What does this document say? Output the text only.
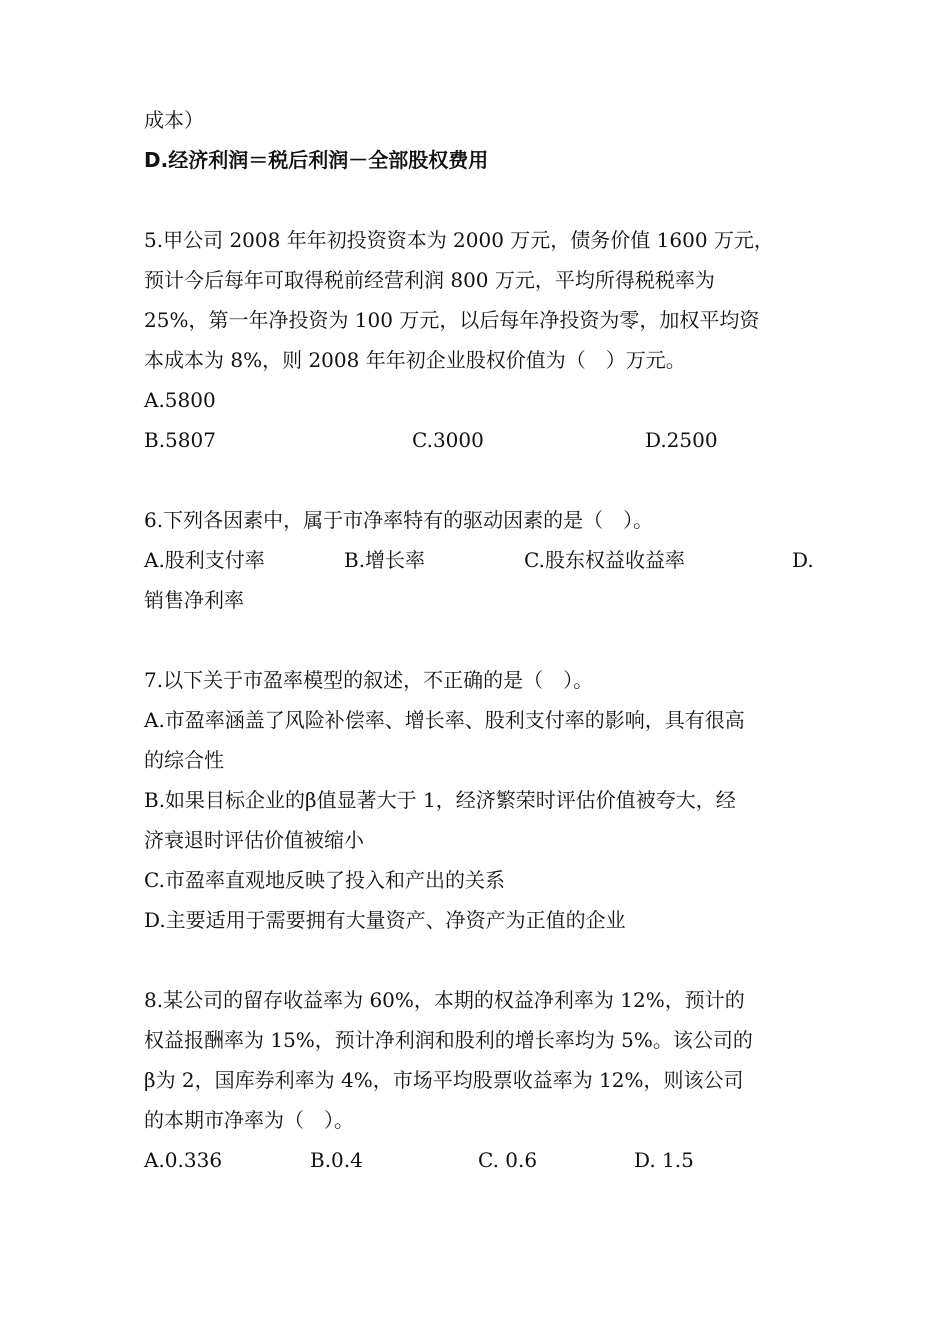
成本）
D.经济利润＝税后利润－全部股权费用
5.甲公司 2008 年年初投资资本为 2000 万元，债务价值 1600 万元，
预计今后每年可取得税前经营利润 800 万元，平均所得税税率为
25%，第一年净投资为 100 万元，以后每年净投资为零，加权平均资
本成本为 8%，则 2008 年年初企业股权价值为（　）万元。
A.5800
B.5807	C.3000	D.2500
6.下列各因素中，属于市净率特有的驱动因素的是（　）。
A.股利支付率	B.增长率	C.股东权益收益率	D.
销售净利率
7.以下关于市盈率模型的叙述，不正确的是（　）。
A.市盈率涵盖了风险补偿率、增长率、股利支付率的影响，具有很高
的综合性
B.如果目标企业的β值显著大于 1，经济繁荣时评估价值被夸大，经
济衰退时评估价值被缩小
C.市盈率直观地反映了投入和产出的关系
D.主要适用于需要拥有大量资产、净资产为正值的企业
8.某公司的留存收益率为 60%，本期的权益净利率为 12%，预计的
权益报酬率为 15%，预计净利润和股利的增长率均为 5%。该公司的
β为 2，国库券利率为 4%，市场平均股票收益率为 12%，则该公司
的本期市净率为（　）。
A.0.336	B.0.4	C. 0.6	D. 1.5
